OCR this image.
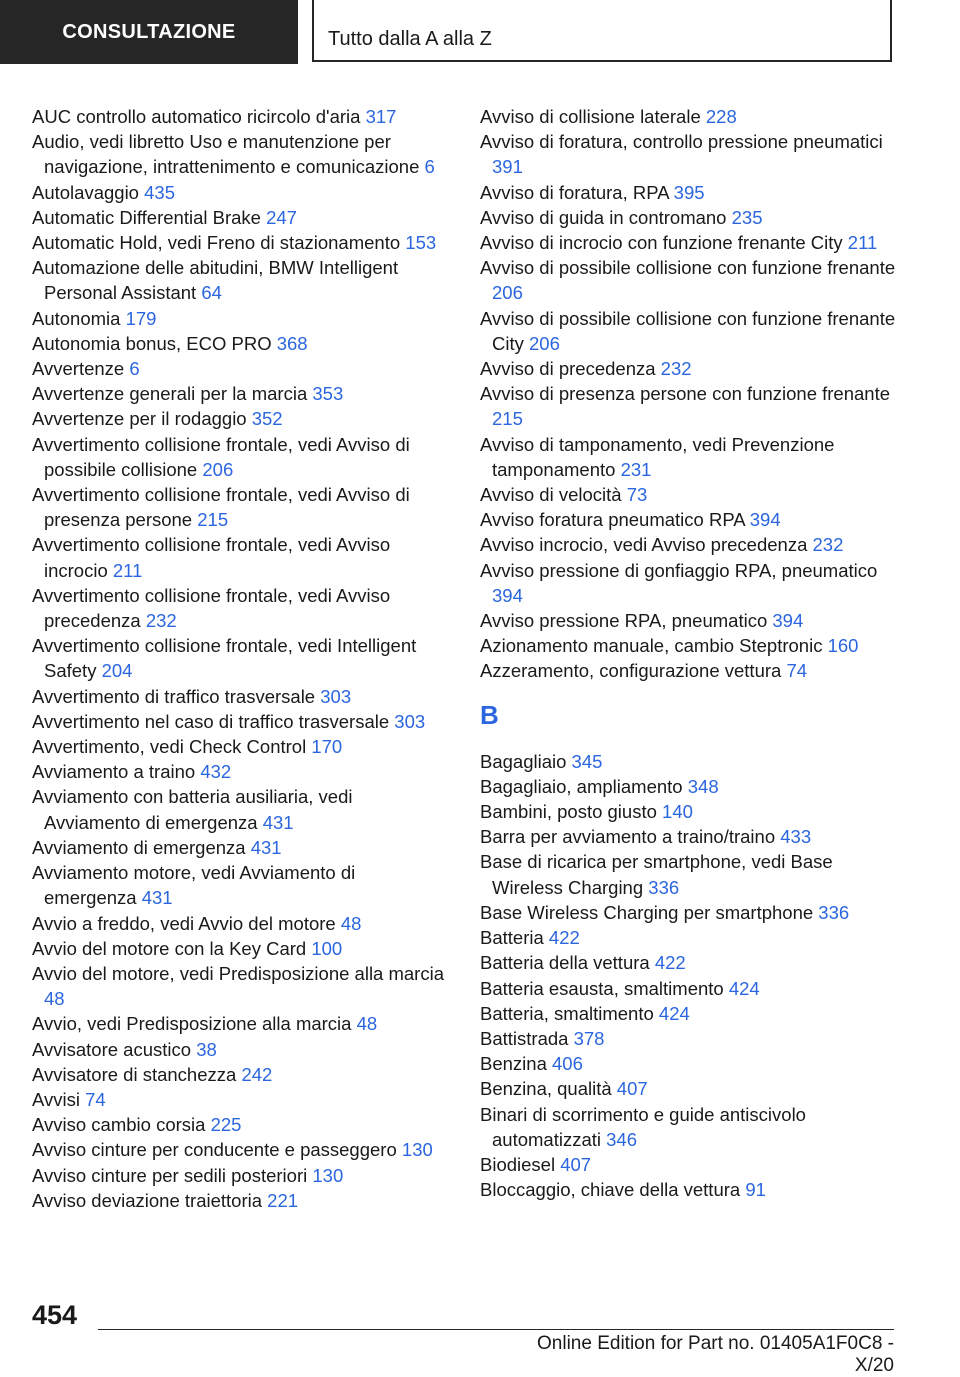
CONSULTAZIONE	Tutto dalla A alla Z
AUC controllo automatico ricircolo d'aria 317
Audio, vedi libretto Uso e manutenzione per navigazione, intrattenimento e comunicazione 6
Autolavaggio 435
Automatic Differential Brake 247
Automatic Hold, vedi Freno di stazionamento 153
Automazione delle abitudini, BMW Intelligent Personal Assistant 64
Autonomia 179
Autonomia bonus, ECO PRO 368
Avvertenze 6
Avvertenze generali per la marcia 353
Avvertenze per il rodaggio 352
Avvertimento collisione frontale, vedi Avviso di possibile collisione 206
Avvertimento collisione frontale, vedi Avviso di presenza persone 215
Avvertimento collisione frontale, vedi Avviso incrocio 211
Avvertimento collisione frontale, vedi Avviso precedenza 232
Avvertimento collisione frontale, vedi Intelligent Safety 204
Avvertimento di traffico trasversale 303
Avvertimento nel caso di traffico trasversale 303
Avvertimento, vedi Check Control 170
Avviamento a traino 432
Avviamento con batteria ausiliaria, vedi Avviamento di emergenza 431
Avviamento di emergenza 431
Avviamento motore, vedi Avviamento di emergenza 431
Avvio a freddo, vedi Avvio del motore 48
Avvio del motore con la Key Card 100
Avvio del motore, vedi Predisposizione alla marcia 48
Avvio, vedi Predisposizione alla marcia 48
Avvisatore acustico 38
Avvisatore di stanchezza 242
Avvisi 74
Avviso cambio corsia 225
Avviso cinture per conducente e passeggero 130
Avviso cinture per sedili posteriori 130
Avviso deviazione traiettoria 221
Avviso di collisione laterale 228
Avviso di foratura, controllo pressione pneumatici 391
Avviso di foratura, RPA 395
Avviso di guida in contromano 235
Avviso di incrocio con funzione frenante City 211
Avviso di possibile collisione con funzione frenante 206
Avviso di possibile collisione con funzione frenante City 206
Avviso di precedenza 232
Avviso di presenza persone con funzione frenante 215
Avviso di tamponamento, vedi Prevenzione tamponamento 231
Avviso di velocità 73
Avviso foratura pneumatico RPA 394
Avviso incrocio, vedi Avviso precedenza 232
Avviso pressione di gonfiaggio RPA, pneumatico 394
Avviso pressione RPA, pneumatico 394
Azionamento manuale, cambio Steptronic 160
Azzeramento, configurazione vettura 74
B
Bagagliaio 345
Bagagliaio, ampliamento 348
Bambini, posto giusto 140
Barra per avviamento a traino/traino 433
Base di ricarica per smartphone, vedi Base Wireless Charging 336
Base Wireless Charging per smartphone 336
Batteria 422
Batteria della vettura 422
Batteria esausta, smaltimento 424
Batteria, smaltimento 424
Battistrada 378
Benzina 406
Benzina, qualità 407
Binari di scorrimento e guide antiscivolo automatizzati 346
Biodiesel 407
Bloccaggio, chiave della vettura 91
454
Online Edition for Part no. 01405A1F0C8 - X/20
